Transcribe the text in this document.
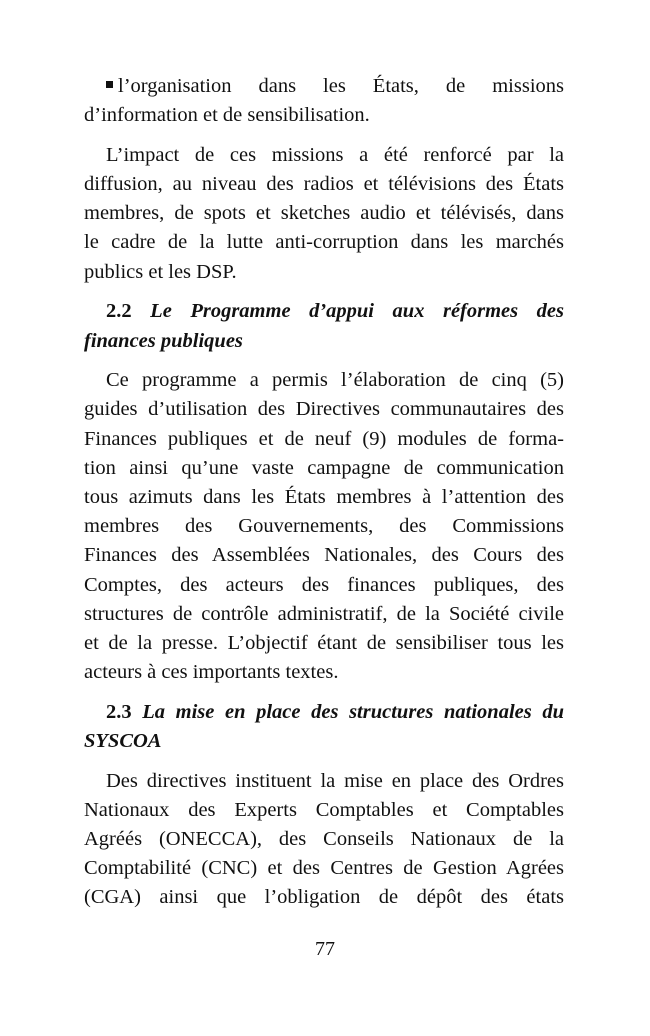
l’organisation dans les États, de missions
d’information et de sensibilisation.
L’impact de ces missions a été renforcé par la
diffusion, au niveau des radios et télévisions des États
membres, de spots et sketches audio et télévisés, dans
le cadre de la lutte anti-corruption dans les marchés
publics et les DSP.
2.2 Le Programme d’appui aux réformes des
finances publiques
Ce programme a permis l’élaboration de cinq (5)
guides d’utilisation des Directives communautaires des
Finances publiques et de neuf (9) modules de forma-
tion ainsi qu’une vaste campagne de communication
tous azimuts dans les États membres à l’attention des
membres des Gouvernements, des Commissions
Finances des Assemblées Nationales, des Cours des
Comptes, des acteurs des finances publiques, des
structures de contrôle administratif, de la Société civile
et de la presse. L’objectif étant de sensibiliser tous les
acteurs à ces importants textes.
2.3 La mise en place des structures nationales du
SYSCOA
Des directives instituent la mise en place des Ordres
Nationaux des Experts Comptables et Comptables
Agréés (ONECCA), des Conseils Nationaux de la
Comptabilité (CNC) et des Centres de Gestion Agrées
(CGA) ainsi que l’obligation de dépôt des états
77
